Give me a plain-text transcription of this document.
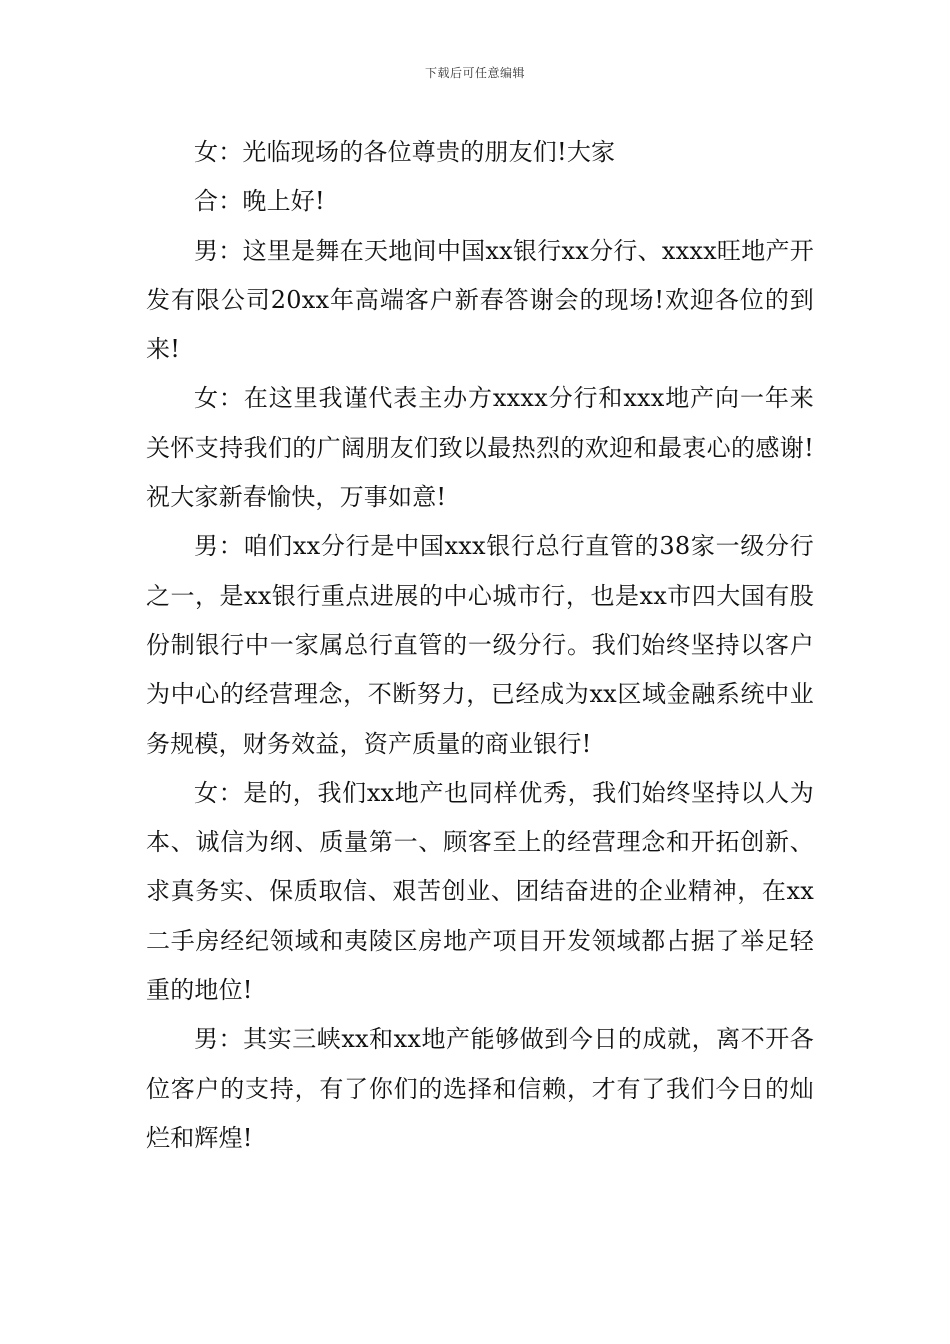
下载后可任意编辑

女：光临现场的各位尊贵的朋友们!大家

合：晚上好!

男：这里是舞在天地间中国xx银行xx分行、xxxx旺地产开发有限公司20xx年高端客户新春答谢会的现场!欢迎各位的到来!

女：在这里我谨代表主办方xxxx分行和xxx地产向一年来关怀支持我们的广阔朋友们致以最热烈的欢迎和最衷心的感谢!祝大家新春愉快，万事如意!

男：咱们xx分行是中国xxx银行总行直管的38家一级分行之一，是xx银行重点进展的中心城市行，也是xx市四大国有股份制银行中一家属总行直管的一级分行。我们始终坚持以客户为中心的经营理念，不断努力，已经成为xx区域金融系统中业务规模，财务效益，资产质量的商业银行!

女：是的，我们xx地产也同样优秀，我们始终坚持以人为本、诚信为纲、质量第一、顾客至上的经营理念和开拓创新、求真务实、保质取信、艰苦创业、团结奋进的企业精神，在xx二手房经纪领域和夷陵区房地产项目开发领域都占据了举足轻重的地位!

男：其实三峡xx和xx地产能够做到今日的成就，离不开各位客户的支持，有了你们的选择和信赖，才有了我们今日的灿烂和辉煌!
